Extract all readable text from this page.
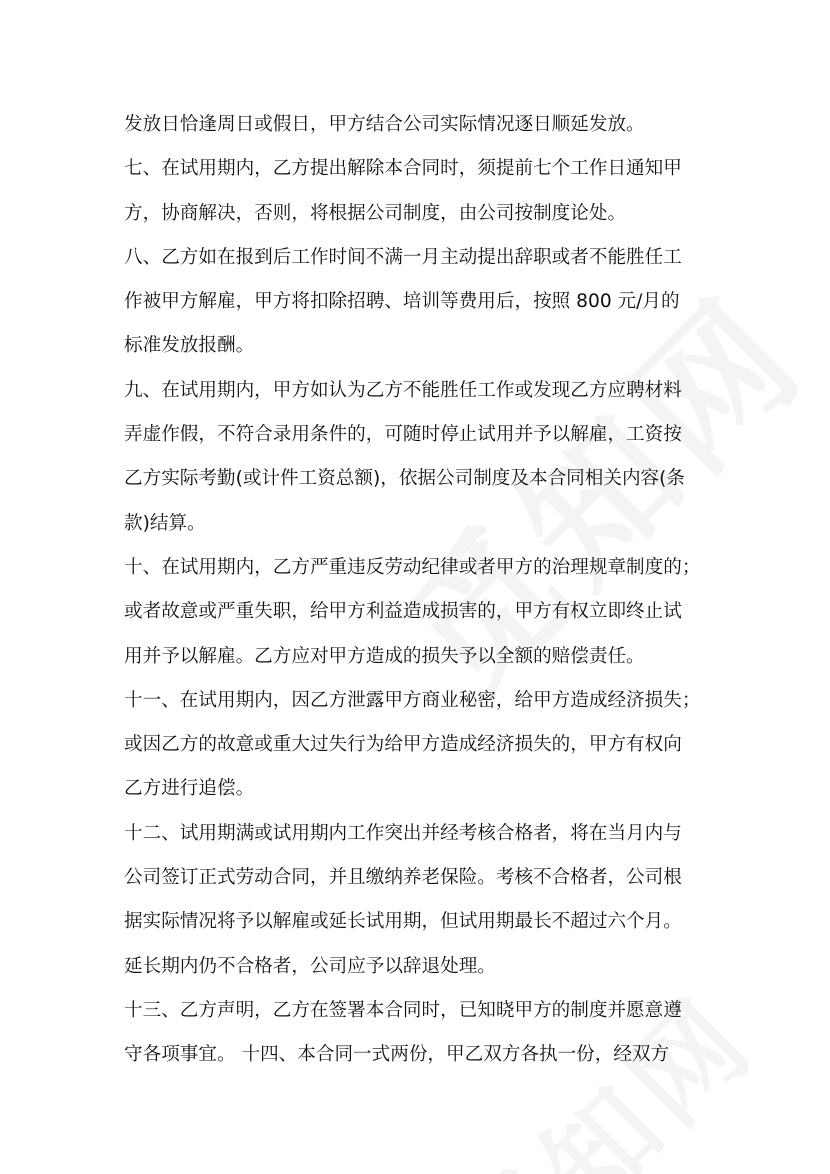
发放日恰逢周日或假日，甲方结合公司实际情况逐日顺延发放。
七、在试用期内，乙方提出解除本合同时，须提前七个工作日通知甲
方，协商解决，否则，将根据公司制度，由公司按制度论处。
八、乙方如在报到后工作时间不满一月主动提出辞职或者不能胜任工
作被甲方解雇，甲方将扣除招聘、培训等费用后，按照 800 元/月的
标准发放报酬。
九、在试用期内，甲方如认为乙方不能胜任工作或发现乙方应聘材料
弄虚作假，不符合录用条件的，可随时停止试用并予以解雇，工资按
乙方实际考勤(或计件工资总额)，依据公司制度及本合同相关内容(条
款)结算。
十、在试用期内，乙方严重违反劳动纪律或者甲方的治理规章制度的；
或者故意或严重失职，给甲方利益造成损害的，甲方有权立即终止试
用并予以解雇。乙方应对甲方造成的损失予以全额的赔偿责任。
十一、在试用期内，因乙方泄露甲方商业秘密，给甲方造成经济损失；
或因乙方的故意或重大过失行为给甲方造成经济损失的，甲方有权向
乙方进行追偿。
十二、试用期满或试用期内工作突出并经考核合格者，将在当月内与
公司签订正式劳动合同，并且缴纳养老保险。考核不合格者，公司根
据实际情况将予以解雇或延长试用期，但试用期最长不超过六个月。
延长期内仍不合格者，公司应予以辞退处理。
十三、乙方声明，乙方在签署本合同时，已知晓甲方的制度并愿意遵
守各项事宜。 十四、本合同一式两份，甲乙双方各执一份，经双方
